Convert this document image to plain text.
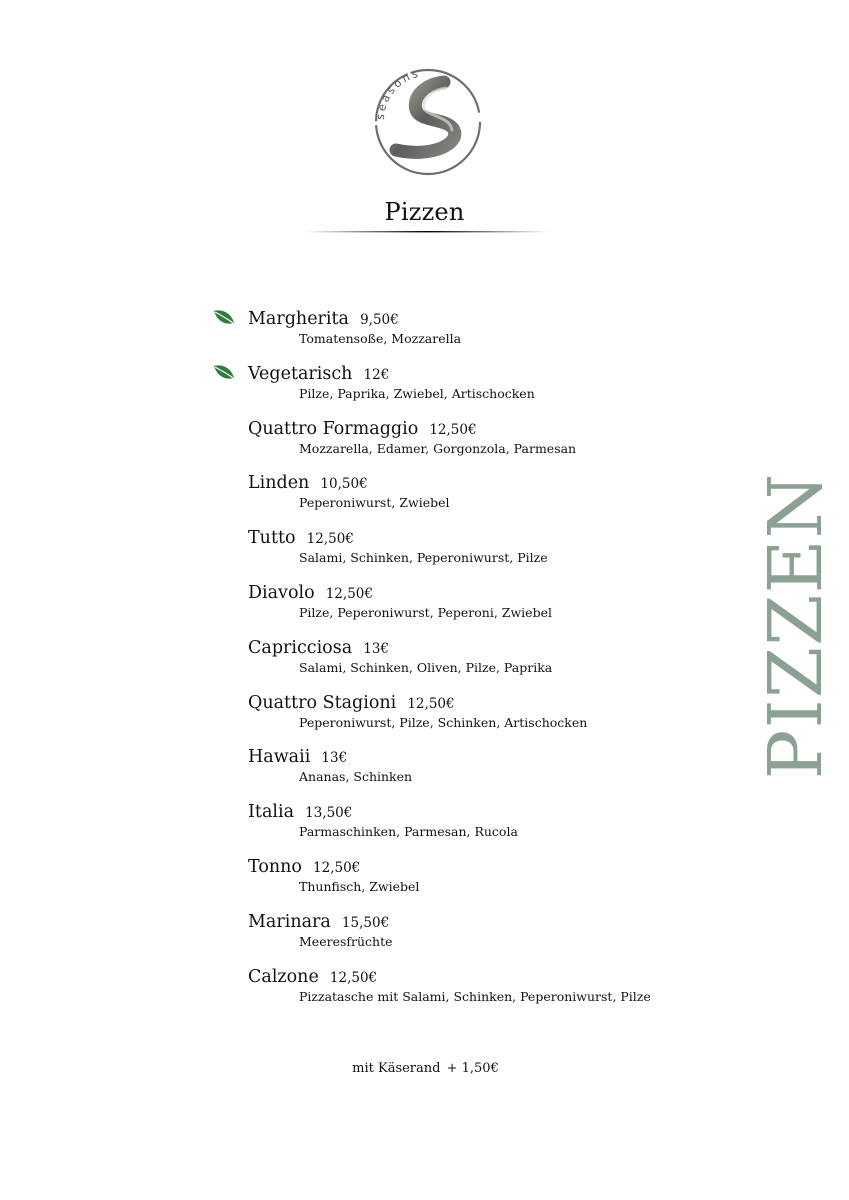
seasons
Pizzen
Margherita 9,50€
Tomatensoße, Mozzarella
Vegetarisch 12€
Pilze, Paprika, Zwiebel, Artischocken
Quattro Formaggio 12,50€
Mozzarella, Edamer, Gorgonzola, Parmesan
Linden 10,50€
Peperoniwurst, Zwiebel
Tutto 12,50€
Salami, Schinken, Peperoniwurst, Pilze
Diavolo 12,50€
Pilze, Peperoniwurst, Peperoni, Zwiebel
Capricciosa 13€
Salami, Schinken, Oliven, Pilze, Paprika
Quattro Stagioni 12,50€
Peperoniwurst, Pilze, Schinken, Artischocken
Hawaii 13€
Ananas, Schinken
Italia 13,50€
Parmaschinken, Parmesan, Rucola
Tonno 12,50€
Thunfisch, Zwiebel
Marinara 15,50€
Meeresfrüchte
Calzone 12,50€
Pizzatasche mit Salami, Schinken, Peperoniwurst, Pilze
mit Käserand + 1,50€
PIZZEN
